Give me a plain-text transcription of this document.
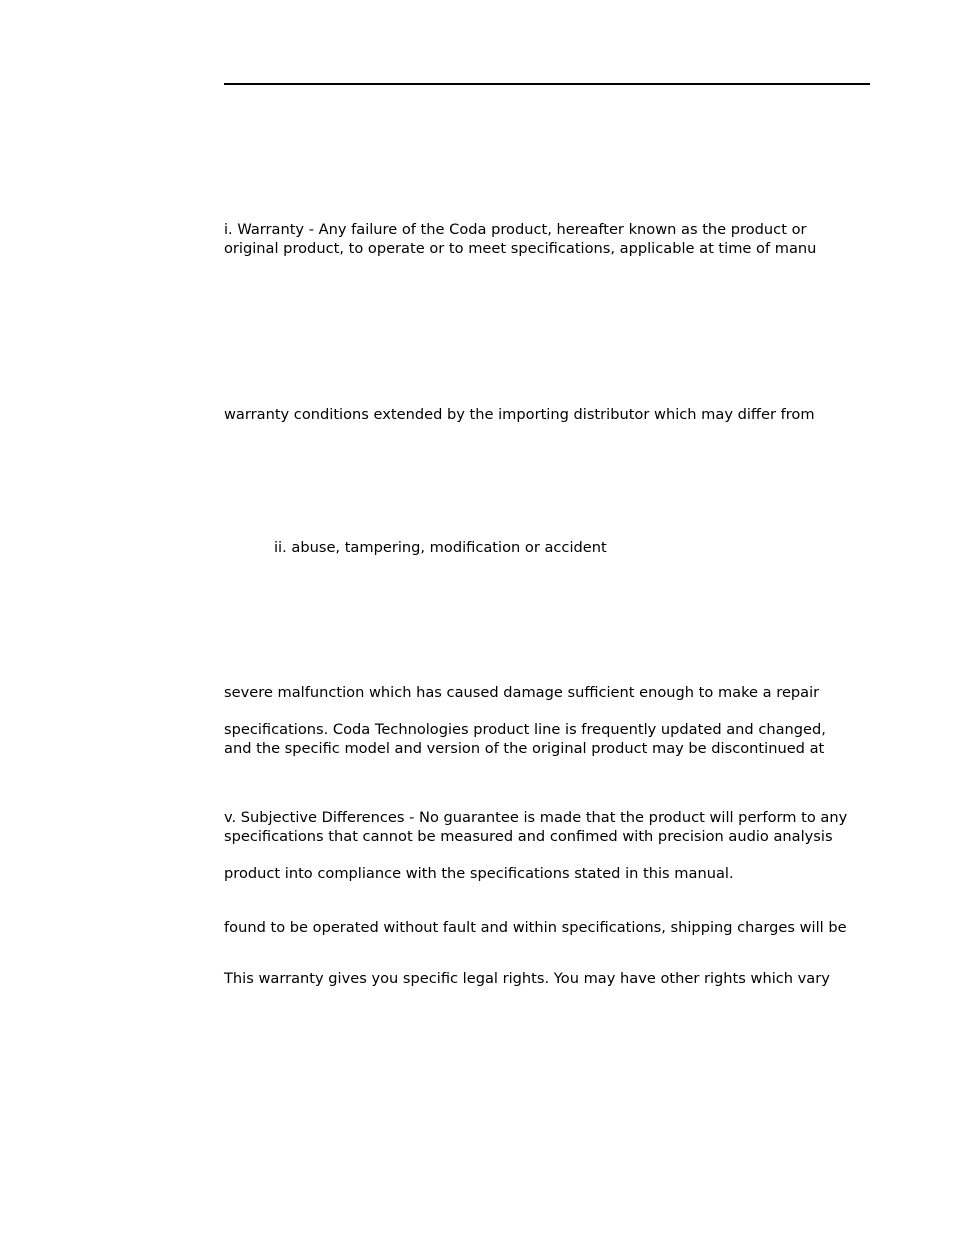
i. Warranty - Any failure of the Coda product, hereafter known as the product or
original product, to operate or to meet specifications, applicable at time of manu
warranty conditions extended by the importing distributor which may differ from
ii. abuse, tampering, modification or accident
severe malfunction which has caused damage sufficient enough to make a repair
specifications. Coda Technologies product line is frequently updated and changed,
and the specific model and version of the original product may be discontinued at
v. Subjective Differences - No guarantee is made that the product will perform to any
specifications that cannot be measured and confimed with precision audio analysis
product into compliance with the specifications stated in this manual.
found to be operated without fault and within specifications, shipping charges will be
This warranty gives you specific legal rights. You may have other rights which vary
